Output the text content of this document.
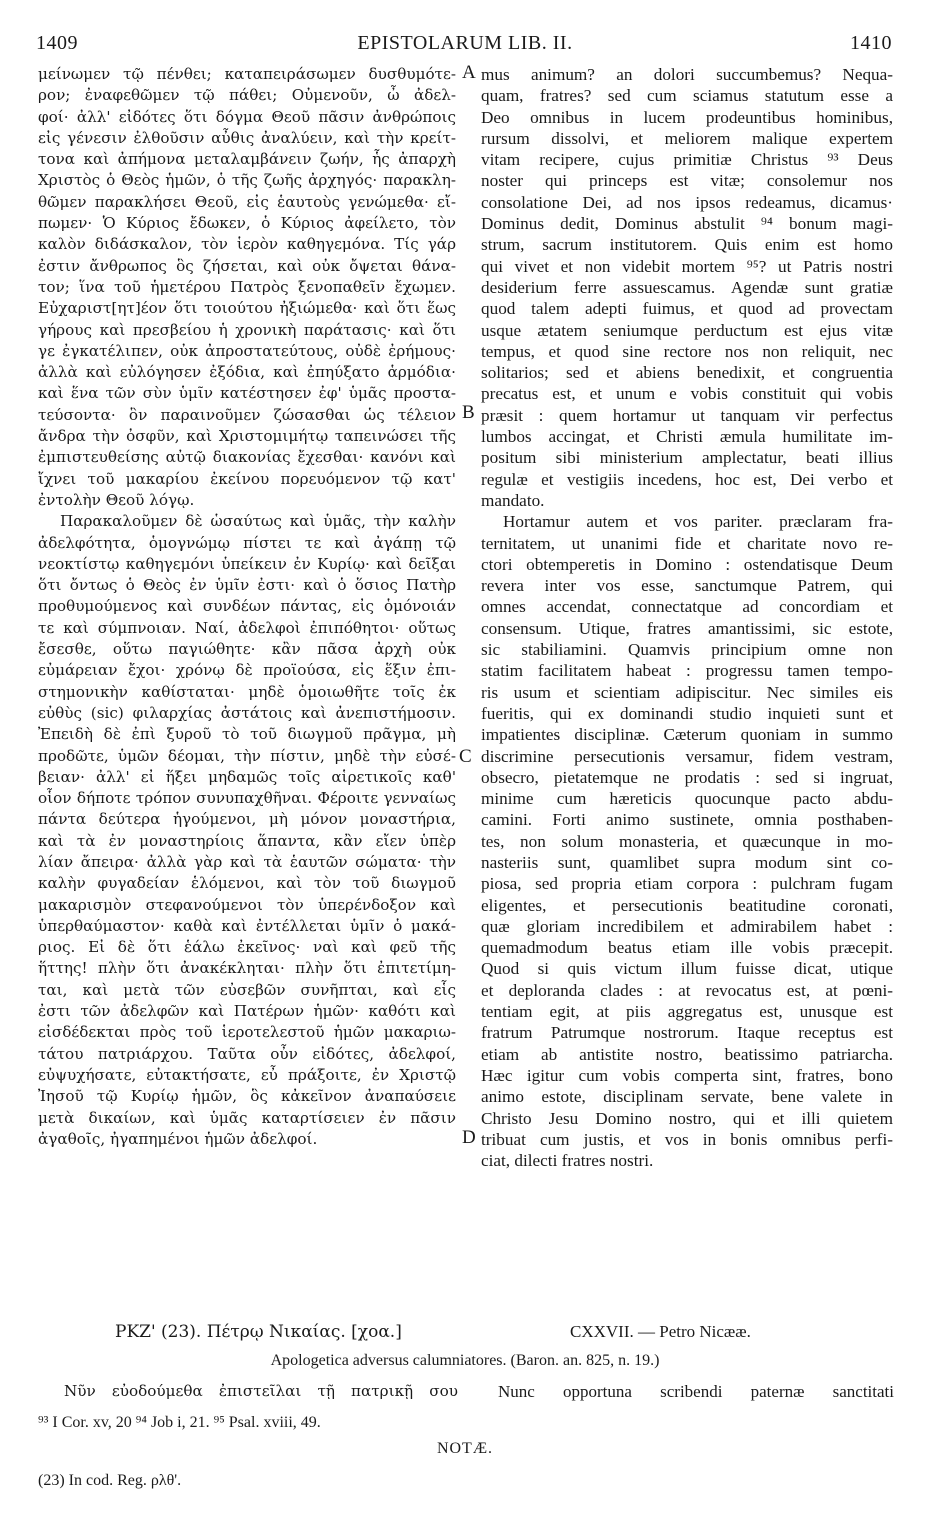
1409	EPISTOLARUM LIB. II.	1410
μείνωμεν τῷ πένθει; καταπειράσωμεν δυσθυμότε-
ρον; ἐναφεθῶμεν τῷ πάθει; Οὐμενοῦν, ὦ ἀδελ-
φοί· ἀλλ' εἰδότες ὅτι δόγμα Θεοῦ πᾶσιν ἀνθρώποις
εἰς γένεσιν ἐλθοῦσιν αὖθις ἀναλύειν, καὶ τὴν κρείτ-
τονα καὶ ἀπήμονα μεταλαμβάνειν ζωήν, ἧς ἀπαρχὴ
Χριστὸς ὁ Θεὸς ἡμῶν, ὁ τῆς ζωῆς ἀρχηγός· παρακλη-
θῶμεν παρακλήσει Θεοῦ, εἰς ἑαυτοὺς γενώμεθα· εἴ-
πωμεν· Ὁ Κύριος ἔδωκεν, ὁ Κύριος ἀφείλετο, τὸν
καλὸν διδάσκαλον, τὸν ἱερὸν καθηγεμόνα. Τίς γάρ
ἐστιν ἄνθρωπος ὃς ζήσεται, καὶ οὐκ ὄψεται θάνα-
τον; ἵνα τοῦ ἡμετέρου Πατρὸς ξενοπαθεῖν ἔχωμεν.
Εὐχαριστ[ητ]έον ὅτι τοιούτου ἠξιώμεθα· καὶ ὅτι ἕως
γήρους καὶ πρεσβείου ἡ χρονικὴ παράτασις· καὶ ὅτι
γε ἐγκατέλιπεν, οὐκ ἀπροστατεύτους, οὐδὲ ἐρήμους·
ἀλλὰ καὶ εὐλόγησεν ἐξόδια, καὶ ἐπηύξατο ἁρμόδια·
καὶ ἕνα τῶν σὺν ὑμῖν κατέστησεν ἐφ' ὑμᾶς προστα-
τεύσοντα· ὃν παραινοῦμεν ζώσασθαι ὡς τέλειον
ἄνδρα τὴν ὀσφῦν, καὶ Χριστομιμήτῳ ταπεινώσει τῆς
ἐμπιστευθείσης αὐτῷ διακονίας ἔχεσθαι· κανόνι καὶ
ἴχνει τοῦ μακαρίου ἐκείνου πορευόμενον τῷ κατ'
ἐντολὴν Θεοῦ λόγῳ.
Παρακαλοῦμεν δὲ ὡσαύτως καὶ ὑμᾶς, τὴν καλὴν
ἀδελφότητα, ὁμογνώμῳ πίστει τε καὶ ἀγάπῃ τῷ
νεοκτίστῳ καθηγεμόνι ὑπείκειν ἐν Κυρίῳ· καὶ δεῖξαι
ὅτι ὄντως ὁ Θεὸς ἐν ὑμῖν ἐστι· καὶ ὁ ὅσιος Πατὴρ
προθυμούμενος καὶ συνδέων πάντας, εἰς ὁμόνοιάν
τε καὶ σύμπνοιαν. Ναί, ἀδελφοὶ ἐπιπόθητοι· οὕτως
ἔσεσθε, οὕτω παγιώθητε· κἂν πᾶσα ἀρχὴ οὐκ
εὐμάρειαν ἔχοι· χρόνῳ δὲ προϊούσα, εἰς ἕξιν ἐπι-
στημονικὴν καθίσταται· μηδὲ ὁμοιωθῆτε τοῖς ἐκ
εὐθὺς (sic) φιλαρχίας ἀστάτοις καὶ ἀνεπιστήμοσιν.
Ἐπειδὴ δὲ ἐπὶ ξυροῦ τὸ τοῦ διωγμοῦ πρᾶγμα, μὴ
προδῶτε, ὑμῶν δέομαι, τὴν πίστιν, μηδὲ τὴν εὐσέ-
βειαν· ἀλλ' εἰ ἥξει μηδαμῶς τοῖς αἱρετικοῖς καθ'
οἷον δήποτε τρόπον συνυπαχθῆναι. Φέροιτε γενναίως
πάντα δεύτερα ἡγούμενοι, μὴ μόνον μοναστήρια,
καὶ τὰ ἐν μοναστηρίοις ἅπαντα, κἂν εἴεν ὑπὲρ
λίαν ἄπειρα· ἀλλὰ γὰρ καὶ τὰ ἑαυτῶν σώματα· τὴν
καλὴν φυγαδείαν ἑλόμενοι, καὶ τὸν τοῦ διωγμοῦ
μακαρισμὸν στεφανούμενοι τὸν ὑπερένδοξον καὶ
ὑπερθαύμαστον· καθὰ καὶ ἐντέλλεται ὑμῖν ὁ μακά-
ριος. Εἰ δὲ ὅτι ἑάλω ἐκεῖνος· ναὶ καὶ φεῦ τῆς
ἥττης! πλὴν ὅτι ἀνακέκληται· πλὴν ὅτι ἐπιτετίμη-
ται, καὶ μετὰ τῶν εὐσεβῶν συνῆπται, καὶ εἷς
ἐστι τῶν ἀδελφῶν καὶ Πατέρων ἡμῶν· καθότι καὶ
εἰσδέδεκται πρὸς τοῦ ἱεροτελεστοῦ ἡμῶν μακαριω-
τάτου πατριάρχου. Ταῦτα οὖν εἰδότες, ἀδελφοί,
εὐψυχήσατε, εὐτακτήσατε, εὖ πράξοιτε, ἐν Χριστῷ
Ἰησοῦ τῷ Κυρίῳ ἡμῶν, ὃς κἀκεῖνον ἀναπαύσειε
μετὰ δικαίων, καὶ ὑμᾶς καταρτίσειεν ἐν πᾶσιν
ἀγαθοῖς, ἠγαπημένοι ἡμῶν ἀδελφοί.
mus animum? an dolori succumbemus? Nequa-
quam, fratres? sed cum sciamus statutum esse a
Deo omnibus in lucem prodeuntibus hominibus,
rursum dissolvi, et meliorem malique expertem
vitam recipere, cujus primitiæ Christus ⁹³ Deus
noster qui princeps est vitæ; consolemur nos
consolatione Dei, ad nos ipsos redeamus, dicamus·
Dominus dedit, Dominus abstulit ⁹⁴ bonum magi-
strum, sacrum institutorem. Quis enim est homo
qui vivet et non videbit mortem ⁹⁵? ut Patris nostri
desiderium ferre assuescamus. Agendæ sunt gratiæ
quod talem adepti fuimus, et quod ad provectam
usque ætatem seniumque perductum est ejus vitæ
tempus, et quod sine rectore nos non reliquit, nec
solitarios; sed et abiens benedixit, et congruentia
precatus est, et unum e vobis constituit qui vobis
præsit : quem hortamur ut tanquam vir perfectus
lumbos accingat, et Christi æmula humilitate im-
positum sibi ministerium amplectatur, beati illius
regulæ et vestigiis incedens, hoc est, Dei verbo et
mandato.
Hortamur autem et vos pariter. præclaram fra-
ternitatem, ut unanimi fide et charitate novo re-
ctori obtemperetis in Domino : ostendatisque Deum
revera inter vos esse, sanctumque Patrem, qui
omnes accendat, connectatque ad concordiam et
consensum. Utique, fratres amantissimi, sic estote,
sic stabiliamini. Quamvis principium omne non
statim facilitatem habeat : progressu tamen tempo-
ris usum et scientiam adipiscitur. Nec similes eis
fueritis, qui ex dominandi studio inquieti sunt et
impatientes disciplinæ. Cæterum quoniam in summo
discrimine persecutionis versamur, fidem vestram,
obsecro, pietatemque ne prodatis : sed si ingruat,
minime cum hæreticis quocunque pacto abdu-
camini. Forti animo sustinete, omnia posthaben-
tes, non solum monasteria, et quæcunque in mo-
nasteriis sunt, quamlibet supra modum sint co-
piosa, sed propria etiam corpora : pulchram fugam
eligentes, et persecutionis beatitudine coronati,
quæ gloriam incredibilem et admirabilem habet :
quemadmodum beatus etiam ille vobis præcepit.
Quod si quis victum illum fuisse dicat, utique
et deploranda clades : at revocatus est, at pœni-
tentiam egit, at piis aggregatus est, unusque est
fratrum Patrumque nostrorum. Itaque receptus est
etiam ab antistite nostro, beatissimo patriarcha.
Hæc igitur cum vobis comperta sint, fratres, bono
animo estote, disciplinam servate, bene valete in
Christo Jesu Domino nostro, qui et illi quietem
tribuat cum justis, et vos in bonis omnibus perfi-
ciat, dilecti fratres nostri.
A
B
C
D
ΡΚΖ' (23). Πέτρῳ Νικαίας. [χοα.]	CXXVII. — Petro Nicææ.
Apologetica adversus calumniatores. (Baron. an. 825, n. 19.)
Νῦν εὐοδούμεθα ἐπιστεῖλαι τῇ πατρικῇ σου Nunc opportuna scribendi paternæ sanctitati
⁹³ I Cor. xv, 20 ⁹⁴ Job i, 21. ⁹⁵ Psal. xviii, 49.
NOTÆ.
(23) In cod. Reg. ρλθ'.
